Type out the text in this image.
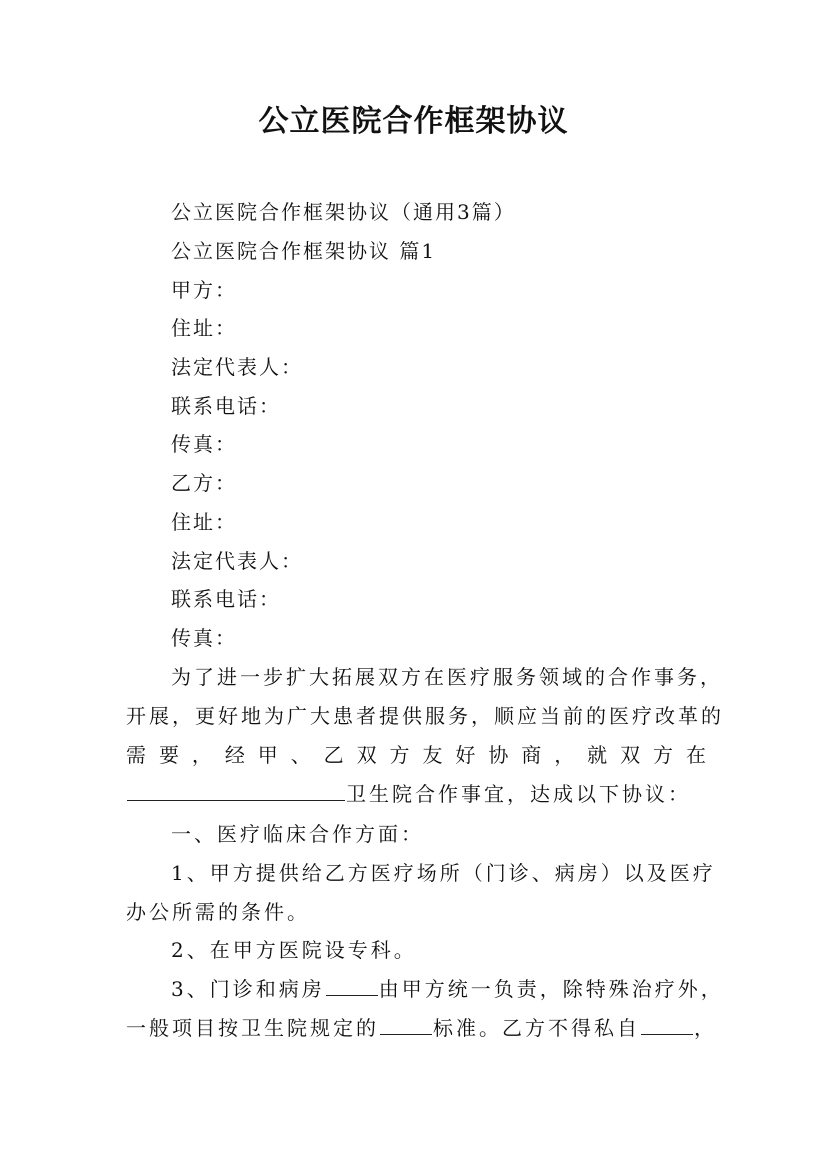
公立医院合作框架协议
公立医院合作框架协议（通用3篇）
公立医院合作框架协议 篇1
甲方：
住址：
法定代表人：
联系电话：
传真：
乙方：
住址：
法定代表人：
联系电话：
传真：
为了进一步扩大拓展双方在医疗服务领域的合作事务，
开展，更好地为广大患者提供服务，顺应当前的医疗改革的
需 要 ， 经 甲 、 乙 双 方 友 好 协 商 ， 就 双 方 在
卫生院合作事宜，达成以下协议：
一、医疗临床合作方面：
1、甲方提供给乙方医疗场所（门诊、病房）以及医疗
办公所需的条件。
2、在甲方医院设专科。
3、门诊和病房	由甲方统一负责，除特殊治疗外，
一般项目按卫生院规定的	标准。乙方不得私自	，
